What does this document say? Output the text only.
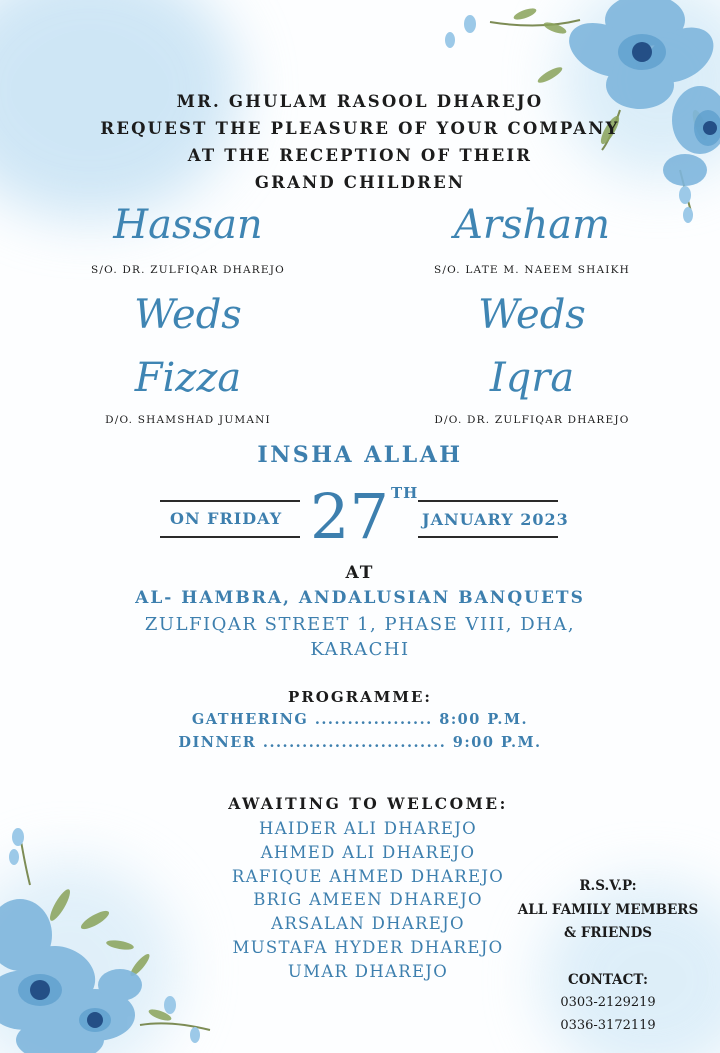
MR. GHULAM RASOOL DHAREJO
REQUEST THE PLEASURE OF YOUR COMPANY
AT THE RECEPTION OF THEIR
GRAND CHILDREN
Hassan
S/O. DR. ZULFIQAR DHAREJO
Weds
Fizza
D/O. SHAMSHAD JUMANI
Arsham
S/O. LATE M. NAEEM SHAIKH
Weds
Iqra
D/O. DR. ZULFIQAR DHAREJO
INSHA ALLAH
ON FRIDAY 27 TH
JANUARY 2023
AT
AL- HAMBRA, ANDALUSIAN BANQUETS
ZULFIQAR STREET 1, PHASE VIII, DHA,
KARACHI
PROGRAMME:
GATHERING .................. 8:00 P.M.
DINNER ............................ 9:00 P.M.
AWAITING TO WELCOME:
HAIDER ALI DHAREJO
AHMED ALI DHAREJO
RAFIQUE AHMED DHAREJO
BRIG AMEEN DHAREJO
ARSALAN DHAREJO
MUSTAFA HYDER DHAREJO
UMAR DHAREJO
R.S.V.P:
ALL FAMILY MEMBERS
& FRIENDS
CONTACT:
0303-2129219
0336-3172119
